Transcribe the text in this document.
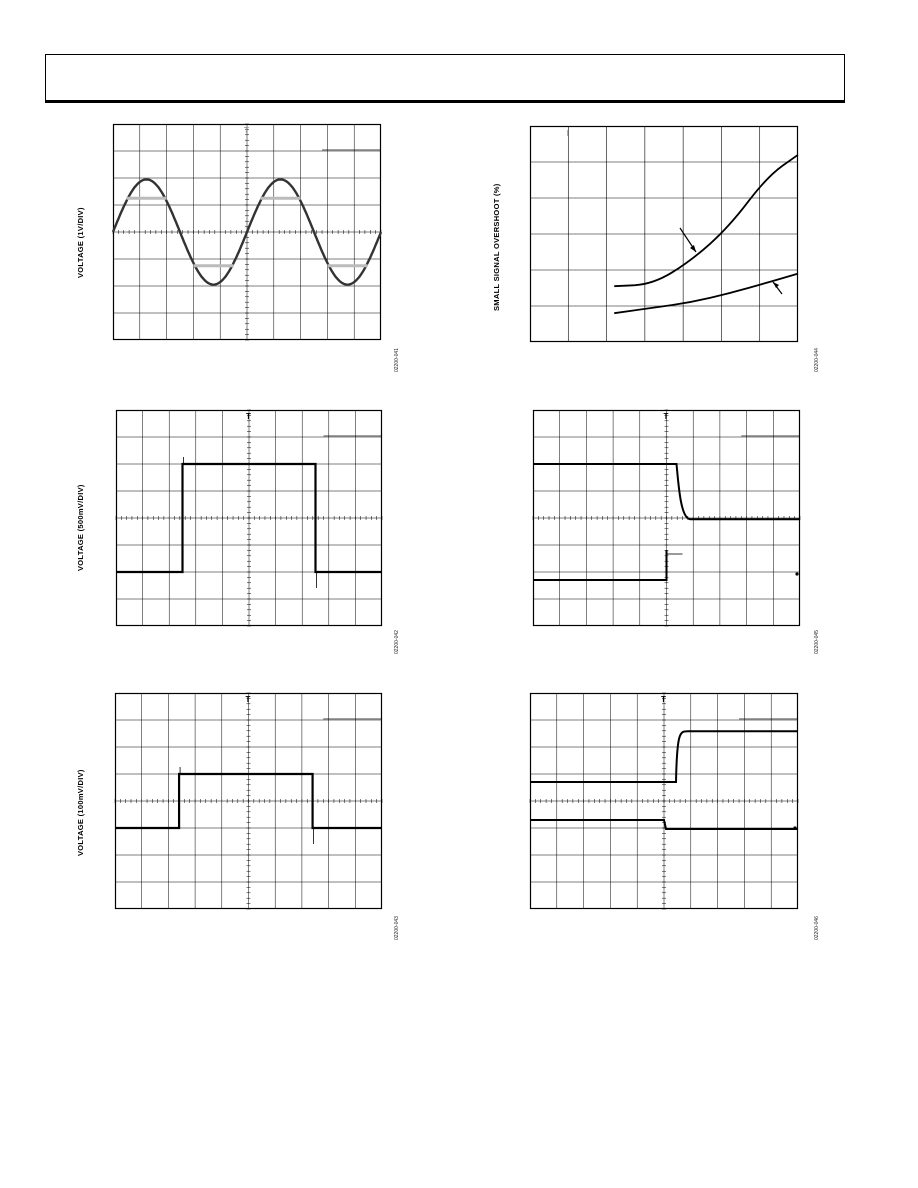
T
VOLTAGE (1V/DIV)
02200-041
SMALL SIGNAL OVERSHOOT (%)
02200-044
T
VOLTAGE (500mV/DIV)
02200-042
T
02200-045
T
VOLTAGE (100mV/DIV)
02200-043
T
02200-046
